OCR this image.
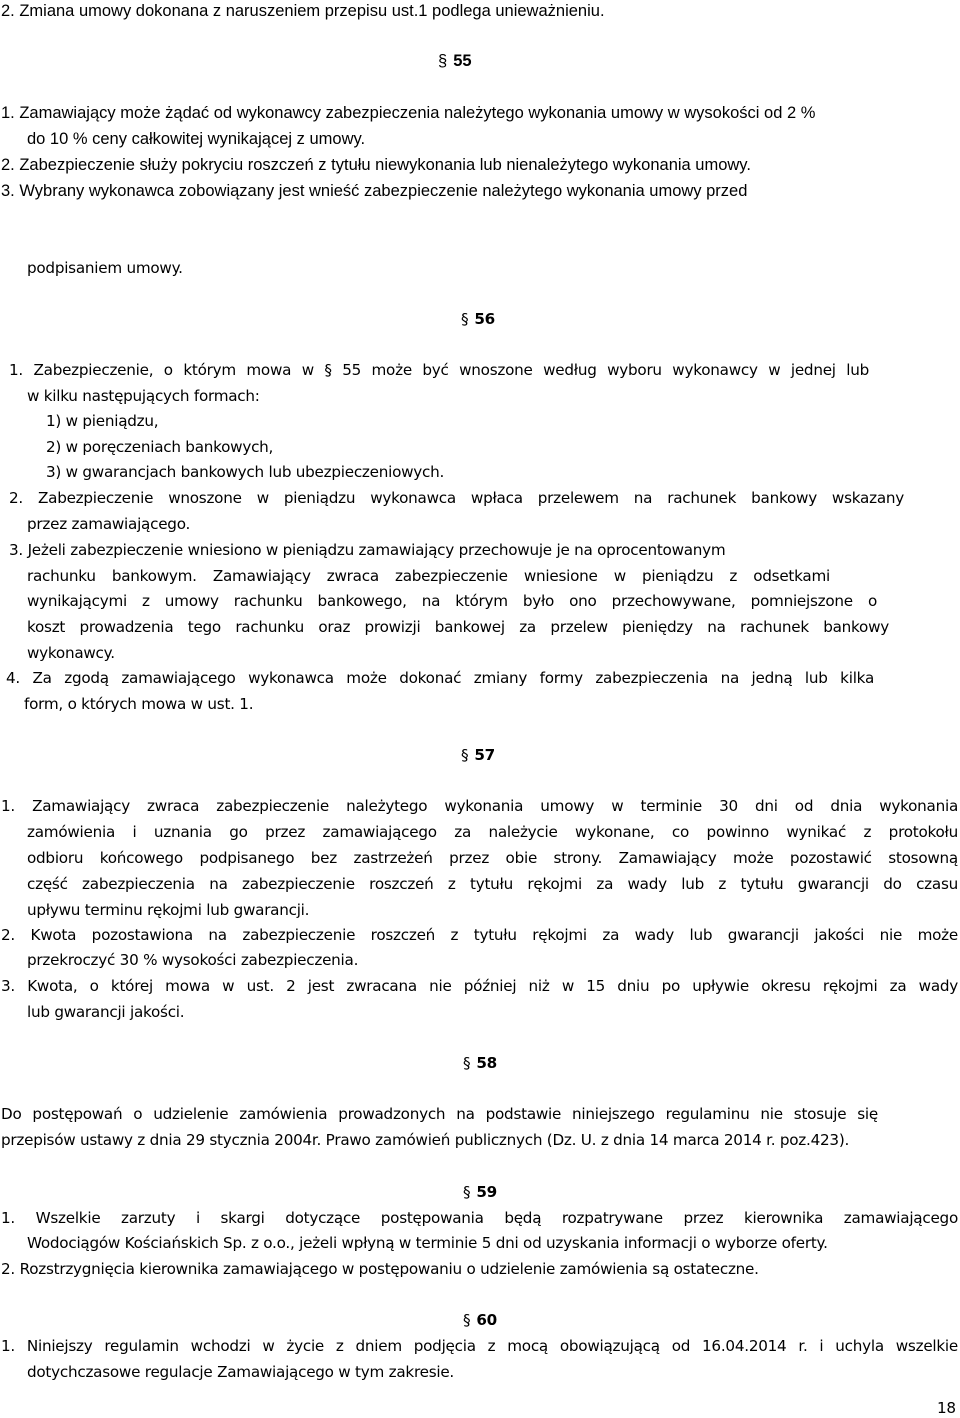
2. Zmiana umowy dokonana z naruszeniem przepisu ust.1 podlega unieważnieniu.
§ 55
1. Zamawiający może żądać od wykonawcy zabezpieczenia należytego wykonania umowy w wysokości od 2 %
do 10 % ceny całkowitej wynikającej z umowy.
2. Zabezpieczenie służy pokryciu roszczeń z tytułu niewykonania lub nienależytego wykonania umowy.
3. Wybrany wykonawca zobowiązany jest wnieść zabezpieczenie należytego wykonania umowy przed
podpisaniem umowy.
§ 56
1. Zabezpieczenie, o którym mowa w § 55 może być wnoszone według wyboru wykonawcy w jednej lub
w kilku następujących formach:
1) w pieniądzu,
2) w poręczeniach bankowych,
3) w gwarancjach bankowych lub ubezpieczeniowych.
2. Zabezpieczenie wnoszone w pieniądzu wykonawca wpłaca przelewem na rachunek bankowy wskazany
przez zamawiającego.
3. Jeżeli zabezpieczenie wniesiono w pieniądzu zamawiający przechowuje je na oprocentowanym
rachunku bankowym. Zamawiający zwraca zabezpieczenie wniesione w pieniądzu z odsetkami
wynikającymi z umowy rachunku bankowego, na którym było ono przechowywane, pomniejszone o
koszt prowadzenia tego rachunku oraz prowizji bankowej za przelew pieniędzy na rachunek bankowy
wykonawcy.
4. Za zgodą zamawiającego wykonawca może dokonać zmiany formy zabezpieczenia na jedną lub kilka
form, o których mowa w ust. 1.
§ 57
1. Zamawiający zwraca zabezpieczenie należytego wykonania umowy w terminie 30 dni od dnia wykonania
zamówienia i uznania go przez zamawiającego za należycie wykonane, co powinno wynikać z protokołu
odbioru końcowego podpisanego bez zastrzeżeń przez obie strony. Zamawiający może pozostawić stosowną
część zabezpieczenia na zabezpieczenie roszczeń z tytułu rękojmi za wady lub z tytułu gwarancji do czasu
upływu terminu rękojmi lub gwarancji.
2. Kwota pozostawiona na zabezpieczenie roszczeń z tytułu rękojmi za wady lub gwarancji jakości nie może
przekroczyć 30 % wysokości zabezpieczenia.
3. Kwota, o której mowa w ust. 2 jest zwracana nie później niż w 15 dniu po upływie okresu rękojmi za wady
lub gwarancji jakości.
§ 58
Do postępowań o udzielenie zamówienia prowadzonych na podstawie niniejszego regulaminu nie stosuje się
przepisów ustawy z dnia 29 stycznia 2004r. Prawo zamówień publicznych (Dz. U. z dnia 14 marca 2014 r. poz.423).
§ 59
1. Wszelkie zarzuty i skargi dotyczące postępowania będą rozpatrywane przez kierownika zamawiającego
Wodociągów Kościańskich Sp. z o.o., jeżeli wpłyną w terminie 5 dni od uzyskania informacji o wyborze oferty.
2. Rozstrzygnięcia kierownika zamawiającego w postępowaniu o udzielenie zamówienia są ostateczne.
§ 60
1. Niniejszy regulamin wchodzi w życie z dniem podjęcia z mocą obowiązującą od 16.04.2014 r. i uchyla wszelkie
dotychczasowe regulacje Zamawiającego w tym zakresie.
18
